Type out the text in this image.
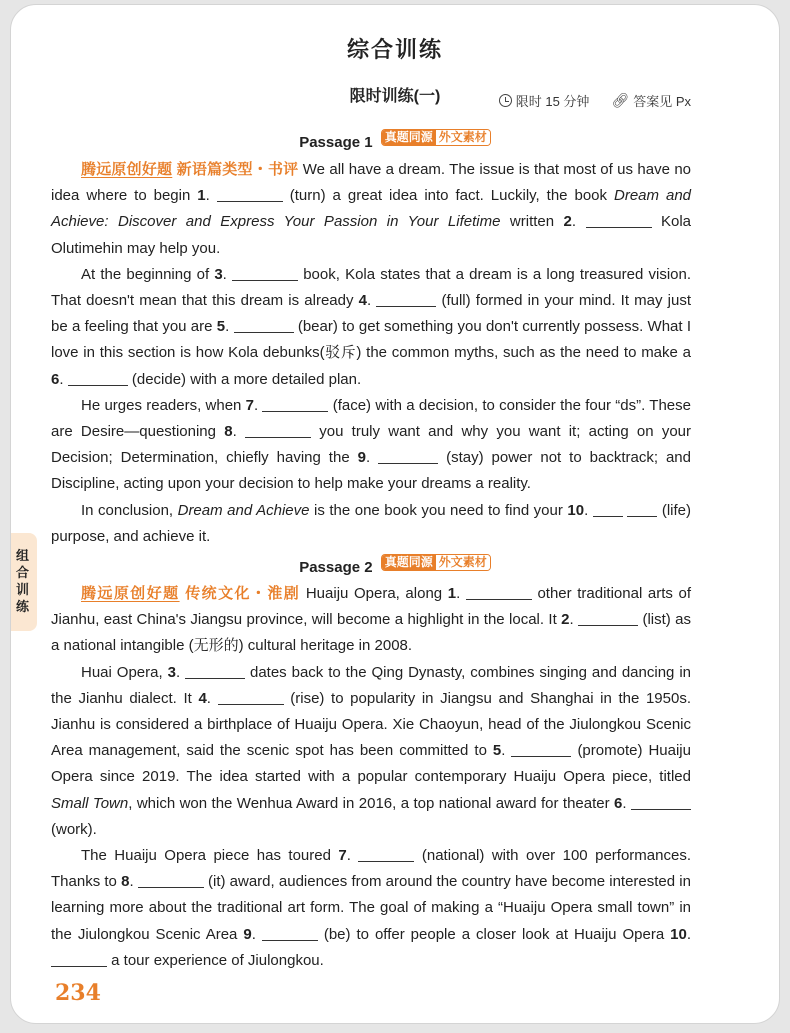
综合训练
限时训练(一)	限时 15 分钟 🔗︎ 答案见 Px
Passage 1 真题同源 外文素材

腾远原创好题 新语篇类型・书评 We all have a dream. The issue is that most of us have no idea where to begin 1.	(turn) a great idea into fact. Luckily, the book Dream and Achieve: Discover and Express Your Passion in Your Lifetime written 2.	Kola Olutimehin may help you.

At the beginning of 3.	book, Kola states that a dream is a long treasured vision. That doesn't mean that this dream is already 4.	(full) formed in your mind. It may just be a feeling that you are 5.	(bear) to get something you don't currently possess. What I love in this section is how Kola debunks(驳斥) the common myths, such as the need to make a 6.	(decide) with a more detailed plan.

He urges readers, when 7.	(face) with a decision, to consider the four “ds”. These are Desire—questioning 8.	you truly want and why you want it; acting on your Decision; Determination, chiefly having the 9.	(stay) power not to backtrack; and Discipline, acting upon your decision to help make your dreams a reality.

In conclusion, Dream and Achieve is the one book you need to find your 10.	(life) purpose, and achieve it.

Passage 2 真题同源 外文素材

腾远原创好题 传统文化・淮剧 Huaiju Opera, along 1.	other traditional arts of Jianhu, east China's Jiangsu province, will become a highlight in the local. It 2.	(list) as a national intangible (无形的) cultural heritage in 2008.

Huai Opera, 3.	dates back to the Qing Dynasty, combines singing and dancing in the Jianhu dialect. It 4.	(rise) to popularity in Jiangsu and Shanghai in the 1950s. Jianhu is considered a birthplace of Huaiju Opera. Xie Chaoyun, head of the Jiulongkou Scenic Area management, said the scenic spot has been committed to 5.	(promote) Huaiju Opera since 2019. The idea started with a popular contemporary Huaiju Opera piece, titled Small Town, which won the Wenhua Award in 2016, a top national award for theater 6.  (work).

The Huaiju Opera piece has toured 7.	(national) with over 100 performances. Thanks to 8.	(it) award, audiences from around the country have become interested in learning more about the traditional art form. The goal of making a “Huaiju Opera small town” in the Jiulongkou Scenic Area 9.	(be) to offer people a closer look at Huaiju Opera 10.  a tour experience of Jiulongkou.

组合训练
234
